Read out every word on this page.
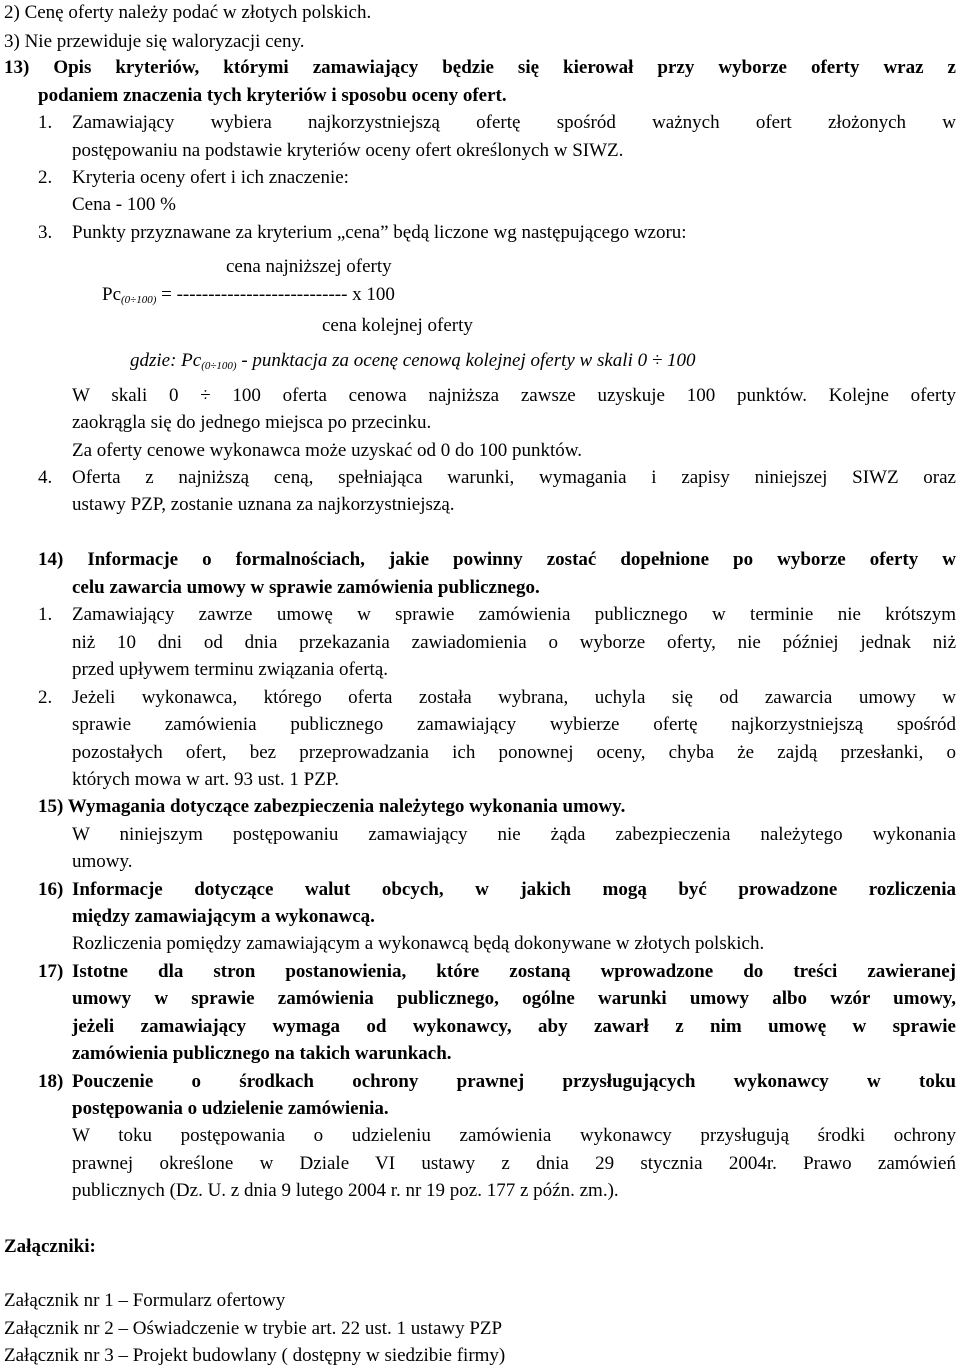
2) Cenę oferty należy podać w złotych polskich.
3) Nie przewiduje się waloryzacji ceny.
13) Opis kryteriów, którymi zamawiający będzie się kierował przy wyborze oferty wraz z
podaniem znaczenia tych kryteriów i sposobu oceny ofert.
1. Zamawiający wybiera najkorzystniejszą ofertę spośród ważnych ofert złożonych w
postępowaniu na podstawie kryteriów oceny ofert określonych w SIWZ.
2. Kryteria oceny ofert i ich znaczenie:
Cena - 100 %
3. Punkty przyznawane za kryterium „cena” będą liczone wg następującego wzoru:
cena najniższej oferty
$Pc_{(0\div 100)}$ = --------------------------- x 100
cena kolejnej oferty
gdzie: $Pc_{(0\div 100)}$ - punktacja za ocenę cenową kolejnej oferty w skali 0 ÷ 100
W skali 0 ÷ 100 oferta cenowa najniższa zawsze uzyskuje 100 punktów. Kolejne oferty
zaokrągla się do jednego miejsca po przecinku.
Za oferty cenowe wykonawca może uzyskać od 0 do 100 punktów.
4. Oferta z najniższą ceną, spełniająca warunki, wymagania i zapisy niniejszej SIWZ oraz
ustawy PZP, zostanie uznana za najkorzystniejszą.
14) Informacje o formalnościach, jakie powinny zostać dopełnione po wyborze oferty w
celu zawarcia umowy w sprawie zamówienia publicznego.
1. Zamawiający zawrze umowę w sprawie zamówienia publicznego w terminie nie krótszym
niż 10 dni od dnia przekazania zawiadomienia o wyborze oferty, nie później jednak niż
przed upływem terminu związania ofertą.
2. Jeżeli wykonawca, którego oferta została wybrana, uchyla się od zawarcia umowy w
sprawie zamówienia publicznego zamawiający wybierze ofertę najkorzystniejszą spośród
pozostałych ofert, bez przeprowadzania ich ponownej oceny, chyba że zajdą przesłanki, o
których mowa w art. 93 ust. 1 PZP.
15) Wymagania dotyczące zabezpieczenia należytego wykonania umowy.
W niniejszym postępowaniu zamawiający nie żąda zabezpieczenia należytego wykonania
umowy.
16) Informacje dotyczące walut obcych, w jakich mogą być prowadzone rozliczenia
między zamawiającym a wykonawcą.
Rozliczenia pomiędzy zamawiającym a wykonawcą będą dokonywane w złotych polskich.
17) Istotne dla stron postanowienia, które zostaną wprowadzone do treści zawieranej
umowy w sprawie zamówienia publicznego, ogólne warunki umowy albo wzór umowy,
jeżeli zamawiający wymaga od wykonawcy, aby zawarł z nim umowę w sprawie
zamówienia publicznego na takich warunkach.
18) Pouczenie o środkach ochrony prawnej przysługujących wykonawcy w toku
postępowania o udzielenie zamówienia.
W toku postępowania o udzieleniu zamówienia wykonawcy przysługują środki ochrony
prawnej określone w Dziale VI ustawy z dnia 29 stycznia 2004r. Prawo zamówień
publicznych (Dz. U. z dnia 9 lutego 2004 r. nr 19 poz. 177 z późn. zm.).
Załączniki:
Załącznik nr 1 – Formularz ofertowy
Załącznik nr 2 – Oświadczenie w trybie art. 22 ust. 1 ustawy PZP
Załącznik nr 3 – Projekt budowlany ( dostępny w siedzibie firmy)
